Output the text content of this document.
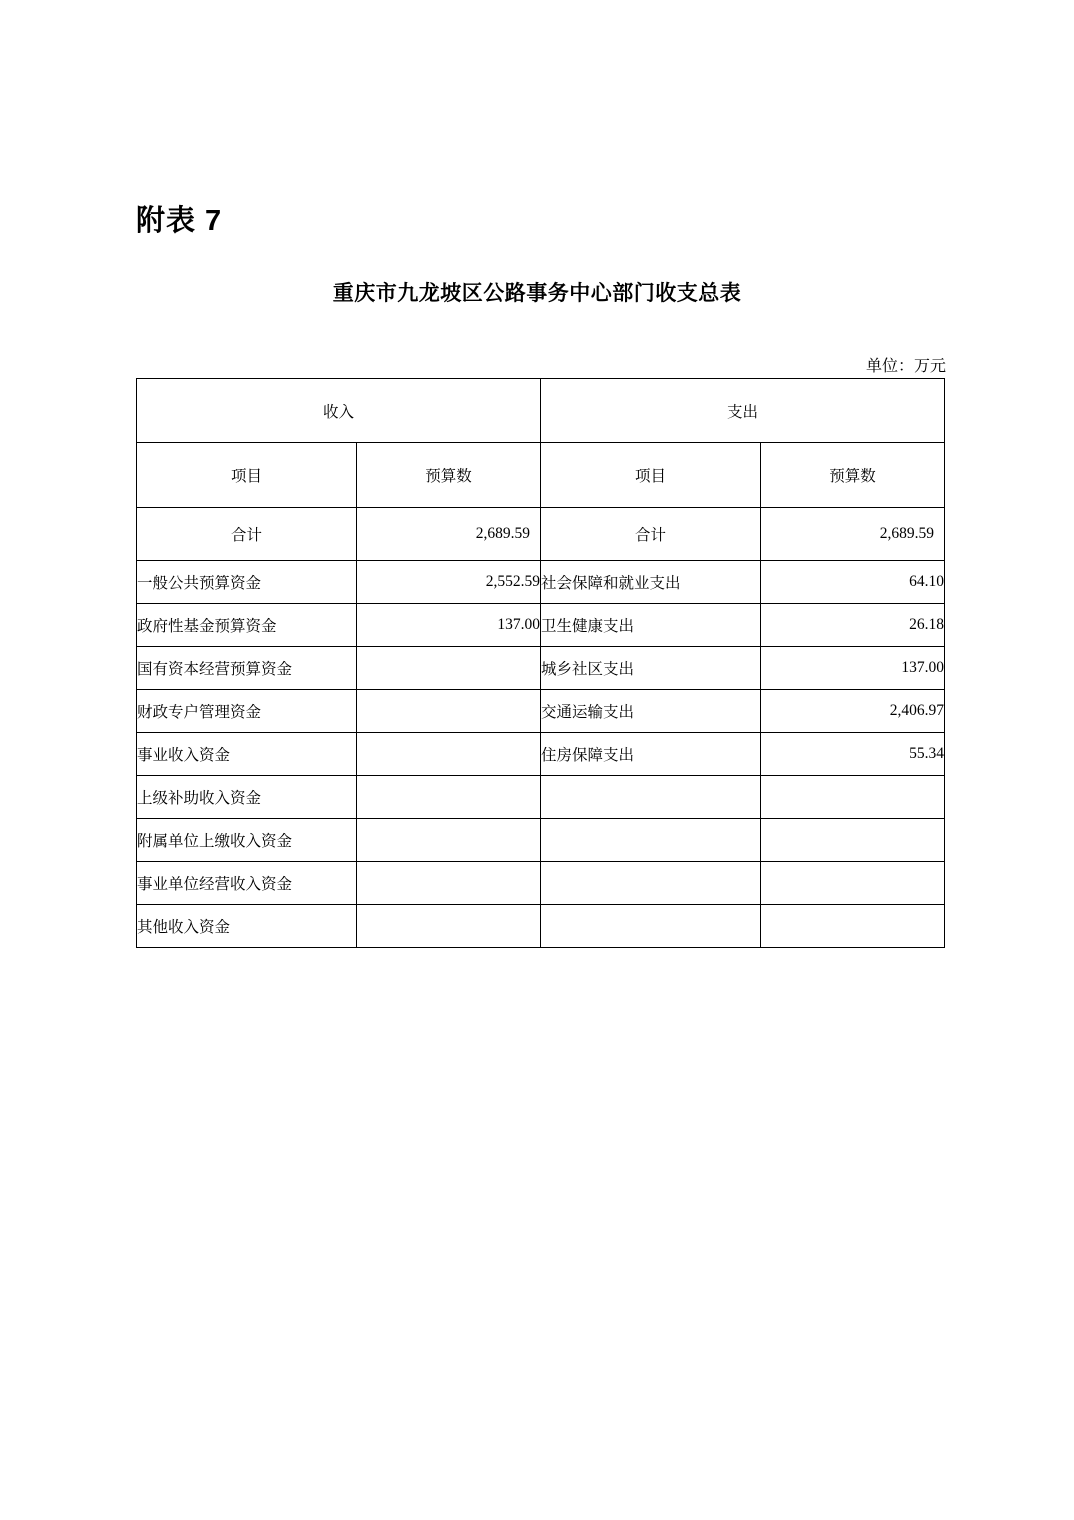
附表 7
重庆市九龙坡区公路事务中心部门收支总表
单位：万元
收入		支出	
项目	预算数	项目	预算数
合计	2,689.59	合计	2,689.59
一般公共预算资金	2,552.59	社会保障和就业支出	64.10
政府性基金预算资金	137.00	卫生健康支出	26.18
国有资本经营预算资金		城乡社区支出	137.00
财政专户管理资金		交通运输支出	2,406.97
事业收入资金		住房保障支出	55.34
上级补助收入资金			
附属单位上缴收入资金			
事业单位经营收入资金			
其他收入资金			
